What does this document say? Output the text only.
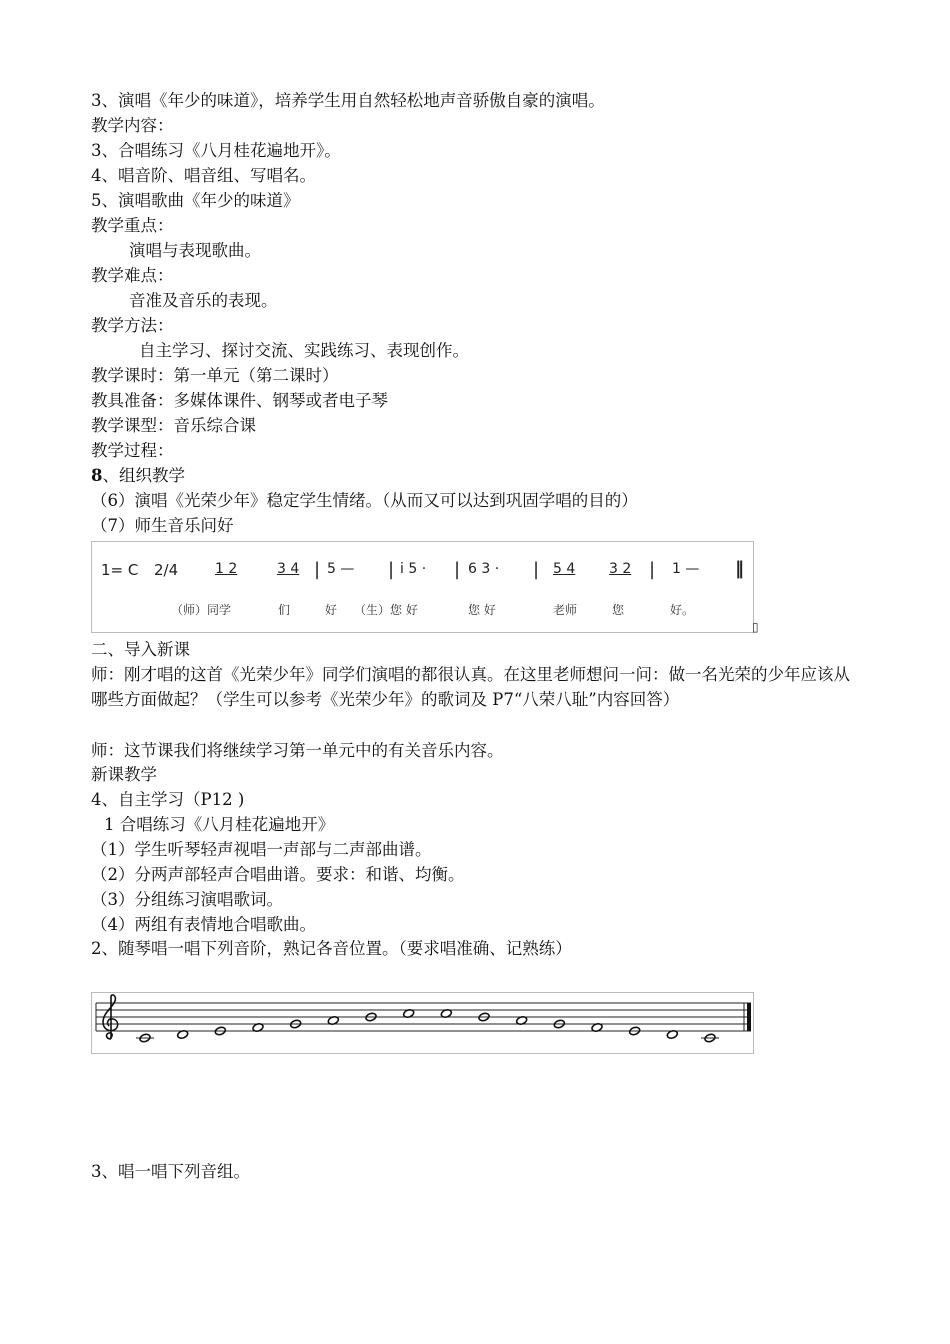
3、演唱《年少的味道》，培养学生用自然轻松地声音骄傲自豪的演唱。
教学内容：
3、合唱练习《八月桂花遍地开》。
4、唱音阶、唱音组、写唱名。
5、演唱歌曲《年少的味道》
教学重点：
演唱与表现歌曲。
教学难点：
音准及音乐的表现。
教学方法：
自主学习、探讨交流、实践练习、表现创作。
教学课时：第一单元（第二课时）
教具准备：多媒体课件、钢琴或者电子琴
教学课型：音乐综合课
教学过程：
8、组织教学
（6）演唱《光荣少年》稳定学生情绪。（从而又可以达到巩固学唱的目的）
（7）师生音乐问好
1= C 2/4	1 2	3 4 | 5 — | i 5 · | 6 3 · | 5 4 3 2 | 1 — ‖
（师）同学	们	好 （生）您 好	您 好	老师	您	好。
▯
二、导入新课
师：刚才唱的这首《光荣少年》同学们演唱的都很认真。在这里老师想问一问：做一名光荣的少年应该从哪些方面做起？（学生可以参考《光荣少年》的歌词及 P7“八荣八耻”内容回答）
师：这节课我们将继续学习第一单元中的有关音乐内容。
新课教学
4、自主学习（P12 )
1 合唱练习《八月桂花遍地开》
（1）学生听琴轻声视唱一声部与二声部曲谱。
（2）分两声部轻声合唱曲谱。要求：和谐、均衡。
（3）分组练习演唱歌词。
（4）两组有表情地合唱歌曲。
2、随琴唱一唱下列音阶，熟记各音位置。（要求唱准确、记熟练）
3、唱一唱下列音组。
